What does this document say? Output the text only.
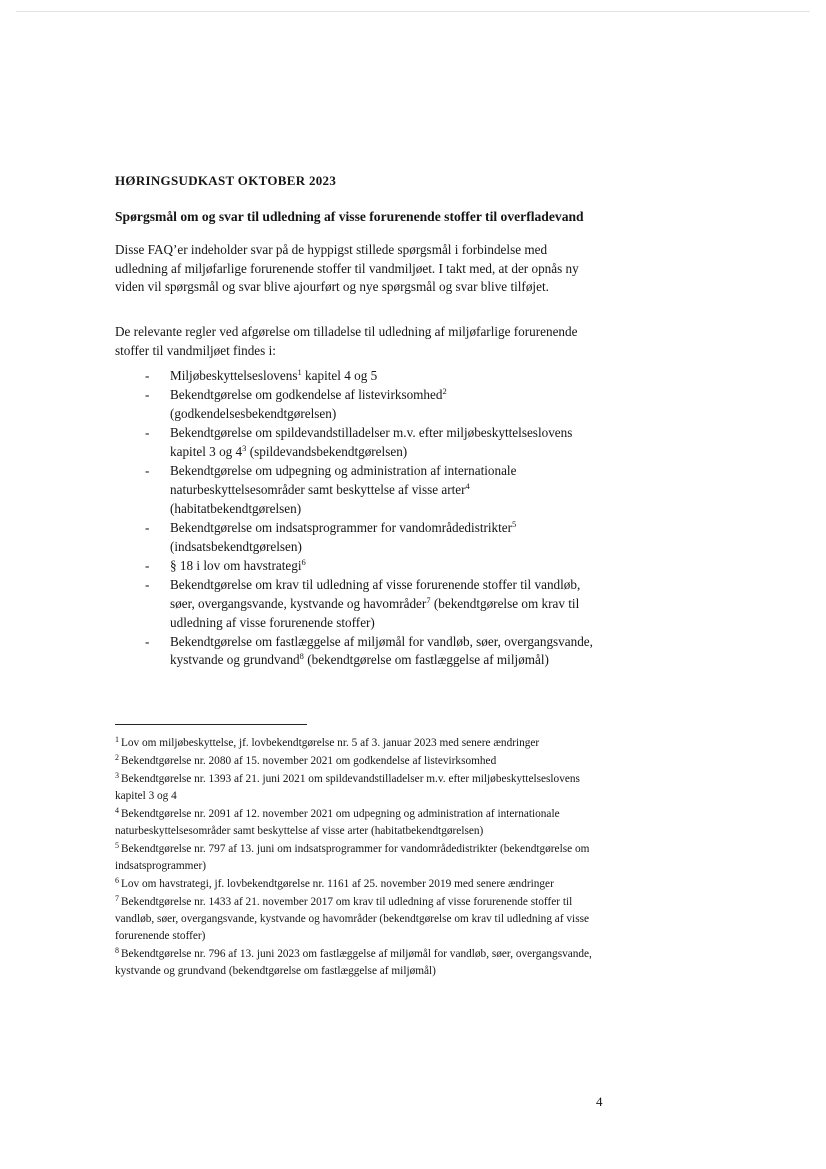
HØRINGSUDKAST OKTOBER 2023

Spørgsmål om og svar til udledning af visse forurenende stoffer til overfladevand

Disse FAQ’er indeholder svar på de hyppigst stillede spørgsmål i forbindelse med udledning af miljøfarlige forurenende stoffer til vandmiljøet. I takt med, at der opnås ny viden vil spørgsmål og svar blive ajourført og nye spørgsmål og svar blive tilføjet.

De relevante regler ved afgørelse om tilladelse til udledning af miljøfarlige forurenende stoffer til vandmiljøet findes i:

- Miljøbeskyttelseslovens$^1$ kapitel 4 og 5
- Bekendtgørelse om godkendelse af listevirksomhed$^2$ (godkendelsesbekendtgørelsen)
- Bekendtgørelse om spildevandstilladelser m.v. efter miljøbeskyttelseslovens kapitel 3 og $4^3$ (spildevandsbekendtgørelsen)
- Bekendtgørelse om udpegning og administration af internationale naturbeskyttelsesområder samt beskyttelse af visse arter$^4$ (habitatbekendtgørelsen)
- Bekendtgørelse om indsatsprogrammer for vandområdedistrikter$^5$ (indsatsbekendtgørelsen)
- § 18 i lov om havstrategi$^6$
- Bekendtgørelse om krav til udledning af visse forurenende stoffer til vandløb, søer, overgangsvande, kystvande og havområder$^7$ (bekendtgørelse om krav til udledning af visse forurenende stoffer)
- Bekendtgørelse om fastlæggelse af miljømål for vandløb, søer, overgangsvande, kystvande og grundvand$^8$ (bekendtgørelse om fastlæggelse af miljømål)
$^1$ Lov om miljøbeskyttelse, jf. lovbekendtgørelse nr. 5 af 3. januar 2023 med senere ændringer
$^2$ Bekendtgørelse nr. 2080 af 15. november 2021 om godkendelse af listevirksomhed
$^3$ Bekendtgørelse nr. 1393 af 21. juni 2021 om spildevandstilladelser m.v. efter miljøbeskyttelseslovens kapitel 3 og 4
$^4$ Bekendtgørelse nr. 2091 af 12. november 2021 om udpegning og administration af internationale naturbeskyttelsesområder samt beskyttelse af visse arter (habitatbekendtgørelsen)
$^5$ Bekendtgørelse nr. 797 af 13. juni om indsatsprogrammer for vandområdedistrikter (bekendtgørelse om indsatsprogrammer)
$^6$ Lov om havstrategi, jf. lovbekendtgørelse nr. 1161 af 25. november 2019 med senere ændringer
$^7$ Bekendtgørelse nr. 1433 af 21. november 2017 om krav til udledning af visse forurenende stoffer til vandløb, søer, overgangsvande, kystvande og havområder (bekendtgørelse om krav til udledning af visse forurenende stoffer)
$^8$ Bekendtgørelse nr. 796 af 13. juni 2023 om fastlæggelse af miljømål for vandløb, søer, overgangsvande, kystvande og grundvand (bekendtgørelse om fastlæggelse af miljømål)
4
